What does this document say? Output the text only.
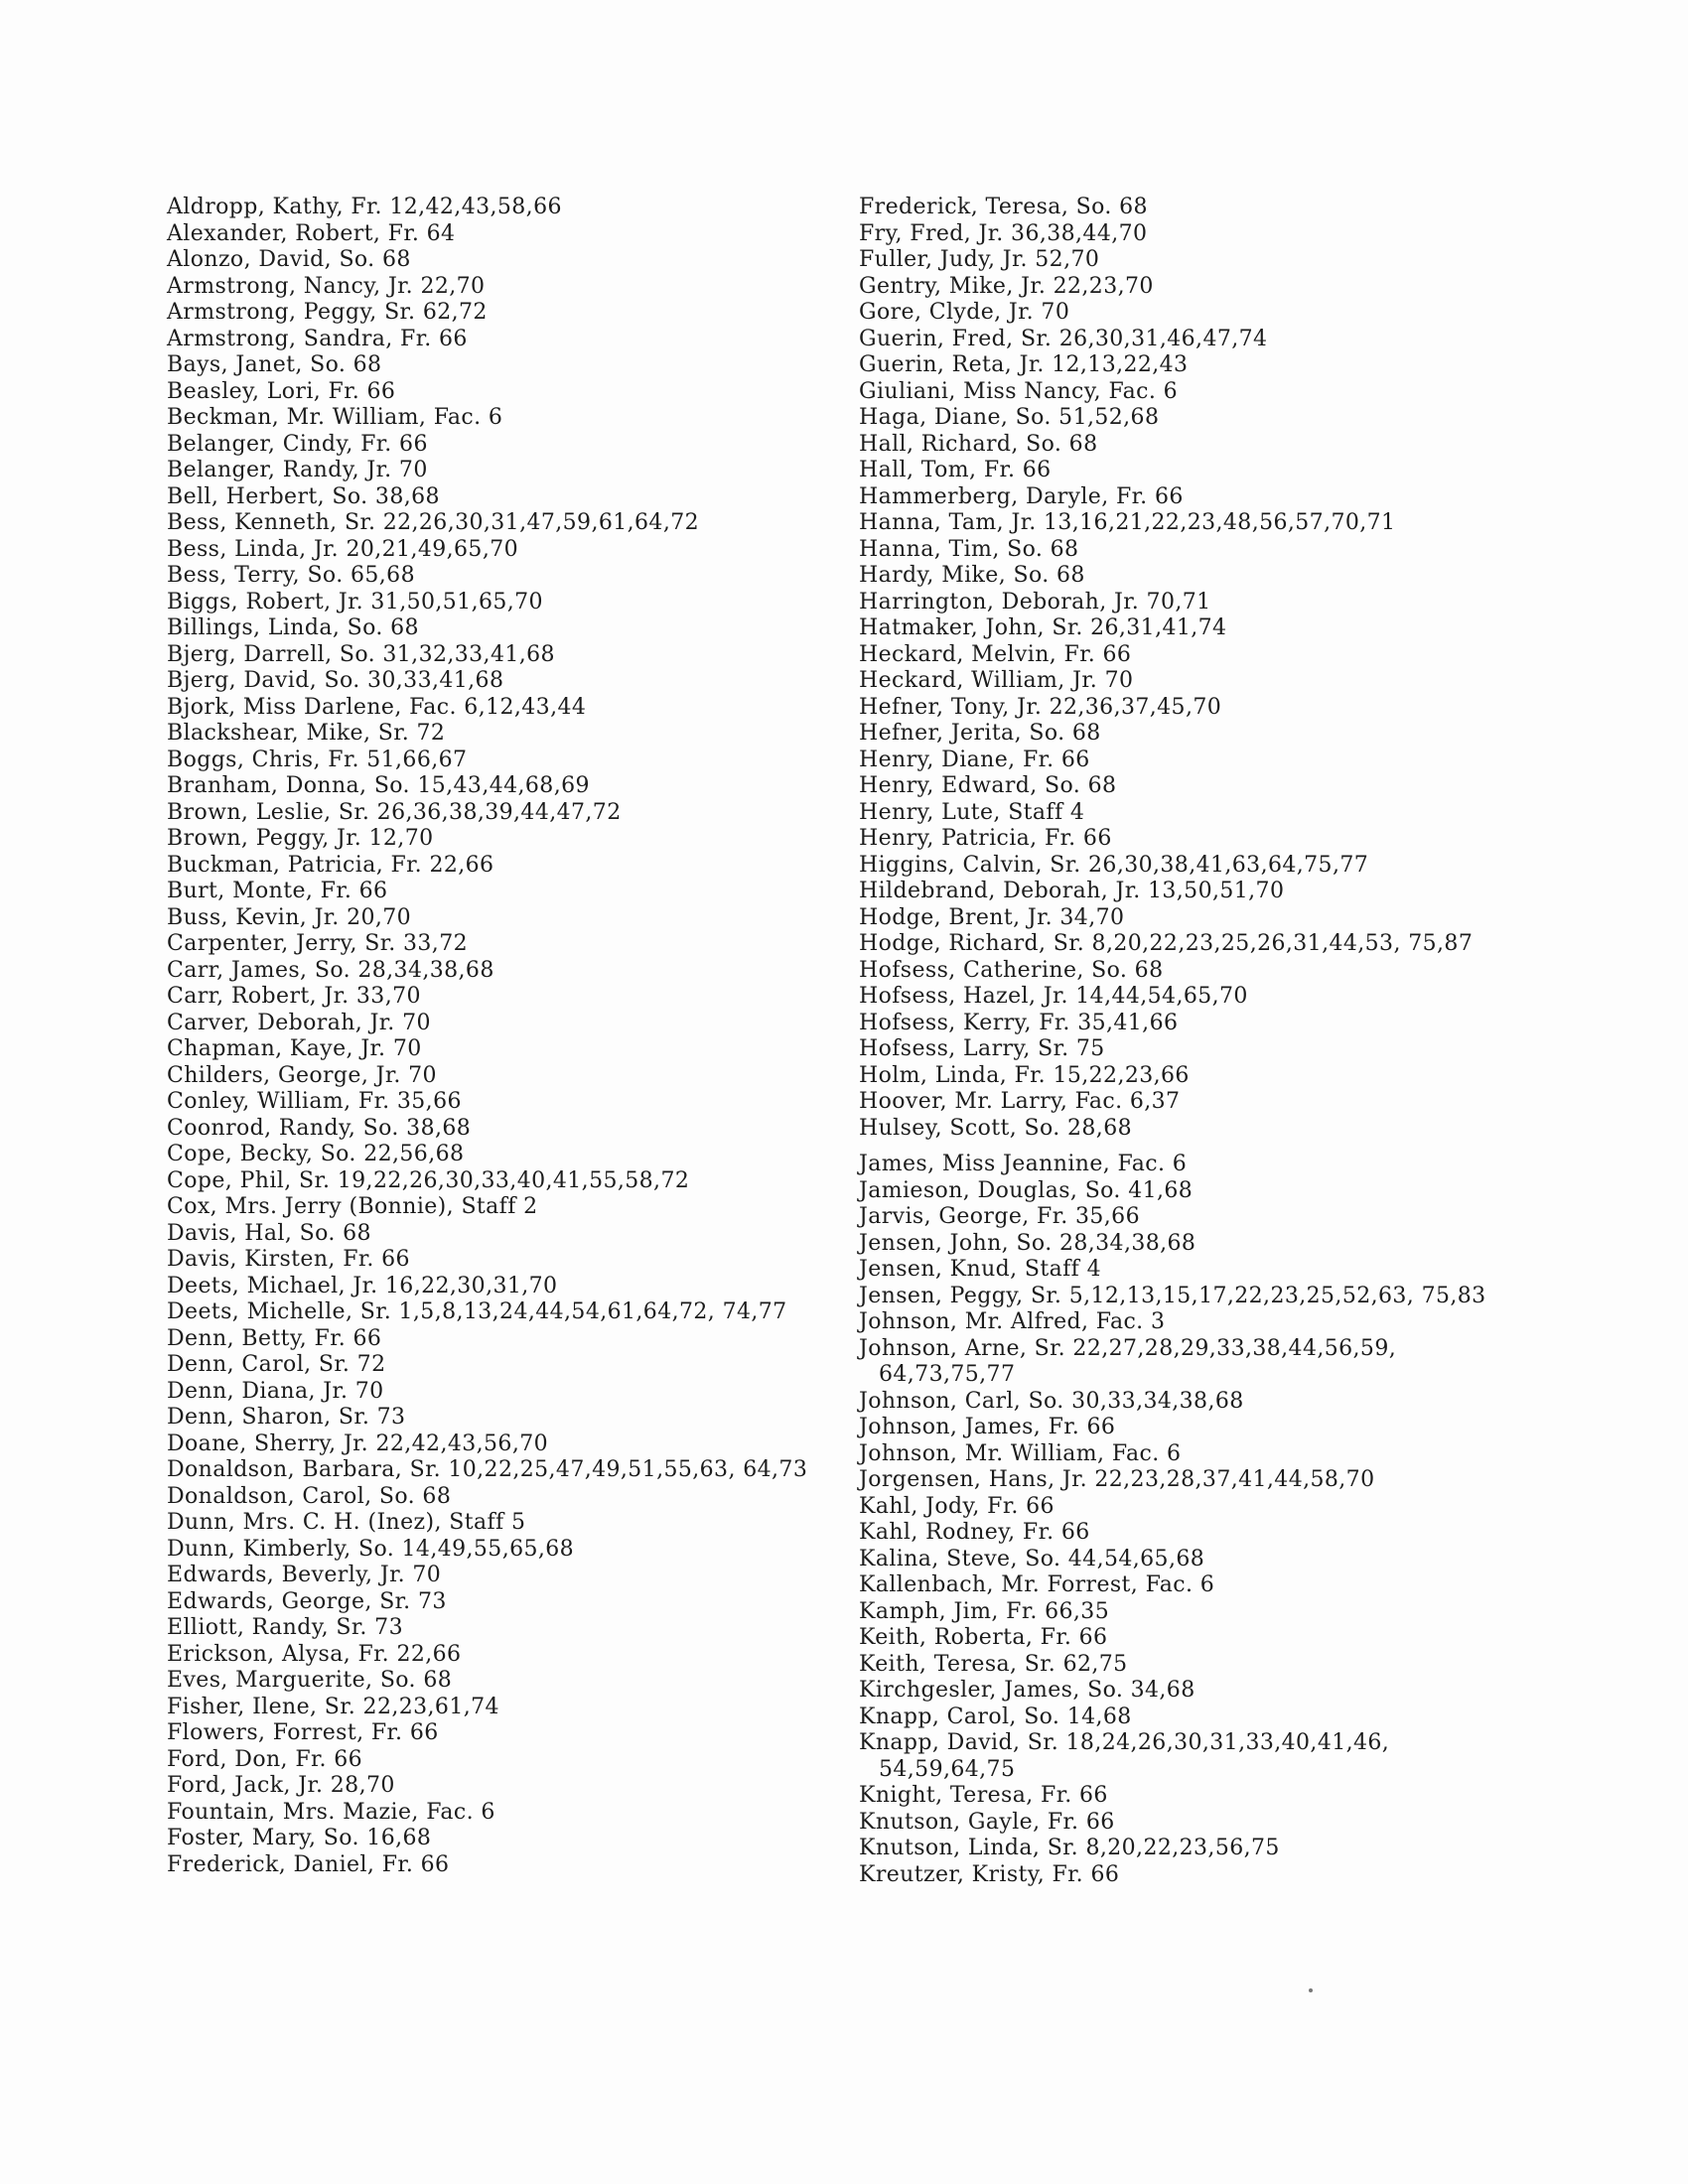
Aldropp, Kathy, Fr. 12,42,43,58,66
Alexander, Robert, Fr. 64
Alonzo, David, So. 68
Armstrong, Nancy, Jr. 22,70
Armstrong, Peggy, Sr. 62,72
Armstrong, Sandra, Fr. 66
Bays, Janet, So. 68
Beasley, Lori, Fr. 66
Beckman, Mr. William, Fac. 6
Belanger, Cindy, Fr. 66
Belanger, Randy, Jr. 70
Bell, Herbert, So. 38,68
Bess, Kenneth, Sr. 22,26,30,31,47,59,61,64,72
Bess, Linda, Jr. 20,21,49,65,70
Bess, Terry, So. 65,68
Biggs, Robert, Jr. 31,50,51,65,70
Billings, Linda, So. 68
Bjerg, Darrell, So. 31,32,33,41,68
Bjerg, David, So. 30,33,41,68
Bjork, Miss Darlene, Fac. 6,12,43,44
Blackshear, Mike, Sr. 72
Boggs, Chris, Fr. 51,66,67
Branham, Donna, So. 15,43,44,68,69
Brown, Leslie, Sr. 26,36,38,39,44,47,72
Brown, Peggy, Jr. 12,70
Buckman, Patricia, Fr. 22,66
Burt, Monte, Fr. 66
Buss, Kevin, Jr. 20,70
Carpenter, Jerry, Sr. 33,72
Carr, James, So. 28,34,38,68
Carr, Robert, Jr. 33,70
Carver, Deborah, Jr. 70
Chapman, Kaye, Jr. 70
Childers, George, Jr. 70
Conley, William, Fr. 35,66
Coonrod, Randy, So. 38,68
Cope, Becky, So. 22,56,68
Cope, Phil, Sr. 19,22,26,30,33,40,41,55,58,72
Cox, Mrs. Jerry (Bonnie), Staff 2
Davis, Hal, So. 68
Davis, Kirsten, Fr. 66
Deets, Michael, Jr. 16,22,30,31,70
Deets, Michelle, Sr. 1,5,8,13,24,44,54,61,64,72, 74,77
Denn, Betty, Fr. 66
Denn, Carol, Sr. 72
Denn, Diana, Jr. 70
Denn, Sharon, Sr. 73
Doane, Sherry, Jr. 22,42,43,56,70
Donaldson, Barbara, Sr. 10,22,25,47,49,51,55,63, 64,73
Donaldson, Carol, So. 68
Dunn, Mrs. C. H. (Inez), Staff 5
Dunn, Kimberly, So. 14,49,55,65,68
Edwards, Beverly, Jr. 70
Edwards, George, Sr. 73
Elliott, Randy, Sr. 73
Erickson, Alysa, Fr. 22,66
Eves, Marguerite, So. 68
Fisher, Ilene, Sr. 22,23,61,74
Flowers, Forrest, Fr. 66
Ford, Don, Fr. 66
Ford, Jack, Jr. 28,70
Fountain, Mrs. Mazie, Fac. 6
Foster, Mary, So. 16,68
Frederick, Daniel, Fr. 66
Frederick, Teresa, So. 68
Fry, Fred, Jr. 36,38,44,70
Fuller, Judy, Jr. 52,70
Gentry, Mike, Jr. 22,23,70
Gore, Clyde, Jr. 70
Guerin, Fred, Sr. 26,30,31,46,47,74
Guerin, Reta, Jr. 12,13,22,43
Giuliani, Miss Nancy, Fac. 6
Haga, Diane, So. 51,52,68
Hall, Richard, So. 68
Hall, Tom, Fr. 66
Hammerberg, Daryle, Fr. 66
Hanna, Tam, Jr. 13,16,21,22,23,48,56,57,70,71
Hanna, Tim, So. 68
Hardy, Mike, So. 68
Harrington, Deborah, Jr. 70,71
Hatmaker, John, Sr. 26,31,41,74
Heckard, Melvin, Fr. 66
Heckard, William, Jr. 70
Hefner, Tony, Jr. 22,36,37,45,70
Hefner, Jerita, So. 68
Henry, Diane, Fr. 66
Henry, Edward, So. 68
Henry, Lute, Staff 4
Henry, Patricia, Fr. 66
Higgins, Calvin, Sr. 26,30,38,41,63,64,75,77
Hildebrand, Deborah, Jr. 13,50,51,70
Hodge, Brent, Jr. 34,70
Hodge, Richard, Sr. 8,20,22,23,25,26,31,44,53, 75,87
Hofsess, Catherine, So. 68
Hofsess, Hazel, Jr. 14,44,54,65,70
Hofsess, Kerry, Fr. 35,41,66
Hofsess, Larry, Sr. 75
Holm, Linda, Fr. 15,22,23,66
Hoover, Mr. Larry, Fac. 6,37
Hulsey, Scott, So. 28,68
James, Miss Jeannine, Fac. 6
Jamieson, Douglas, So. 41,68
Jarvis, George, Fr. 35,66
Jensen, John, So. 28,34,38,68
Jensen, Knud, Staff 4
Jensen, Peggy, Sr. 5,12,13,15,17,22,23,25,52,63, 75,83
Johnson, Mr. Alfred, Fac. 3
Johnson, Arne, Sr. 22,27,28,29,33,38,44,56,59, 64,73,75,77
Johnson, Carl, So. 30,33,34,38,68
Johnson, James, Fr. 66
Johnson, Mr. William, Fac. 6
Jorgensen, Hans, Jr. 22,23,28,37,41,44,58,70
Kahl, Jody, Fr. 66
Kahl, Rodney, Fr. 66
Kalina, Steve, So. 44,54,65,68
Kallenbach, Mr. Forrest, Fac. 6
Kamph, Jim, Fr. 66,35
Keith, Roberta, Fr. 66
Keith, Teresa, Sr. 62,75
Kirchgesler, James, So. 34,68
Knapp, Carol, So. 14,68
Knapp, David, Sr. 18,24,26,30,31,33,40,41,46, 54,59,64,75
Knight, Teresa, Fr. 66
Knutson, Gayle, Fr. 66
Knutson, Linda, Sr. 8,20,22,23,56,75
Kreutzer, Kristy, Fr. 66
